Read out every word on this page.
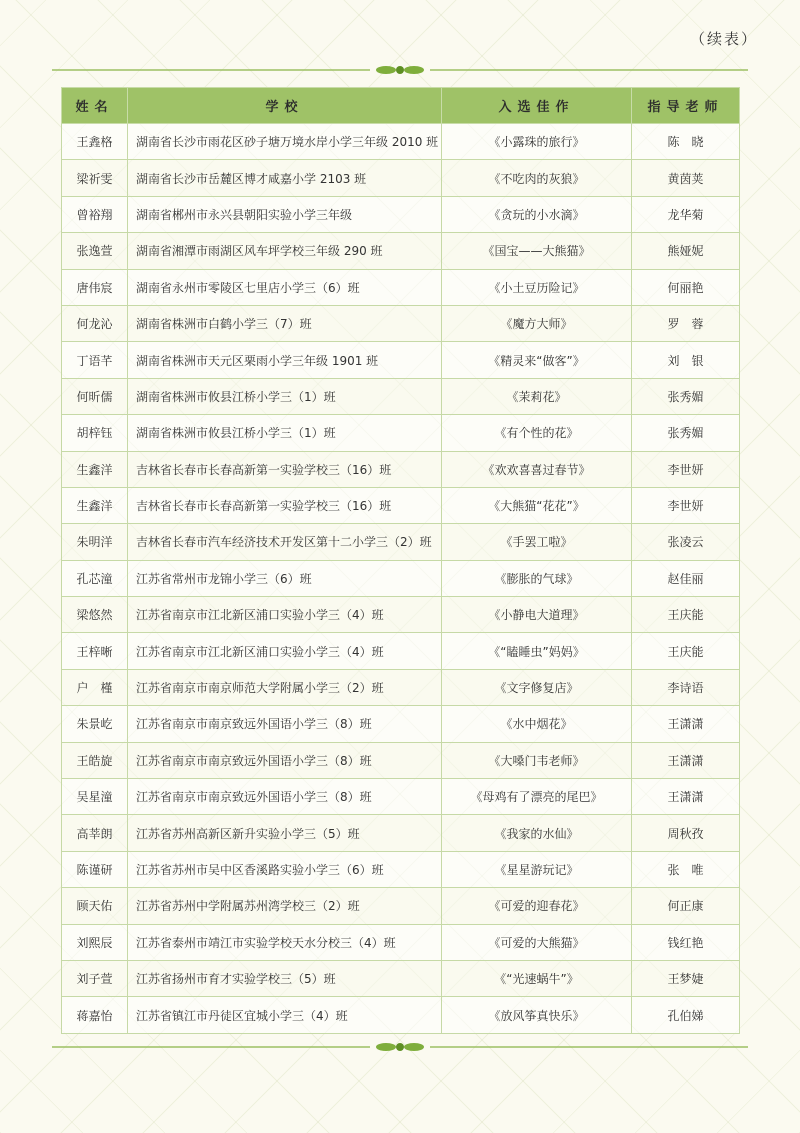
（续表）
姓名	学校	入选佳作	指导老师
王錱格	湖南省长沙市雨花区砂子塘万境水岸小学三年级 2010 班	《小露珠的旅行》	陈　晓
梁祈雯	湖南省长沙市岳麓区博才咸嘉小学 2103 班	《不吃肉的灰狼》	黄茵荚
曾裕翔	湖南省郴州市永兴县朝阳实验小学三年级	《贪玩的小水滴》	龙华菊
张逸萱	湖南省湘潭市雨湖区风车坪学校三年级 290 班	《国宝——大熊猫》	熊娅妮
唐伟宸	湖南省永州市零陵区七里店小学三（6）班	《小土豆历险记》	何丽艳
何龙沁	湖南省株洲市白鹤小学三（7）班	《魔方大师》	罗　蓉
丁语芊	湖南省株洲市天元区栗雨小学三年级 1901 班	《精灵来“做客”》	刘　银
何昕儒	湖南省株洲市攸县江桥小学三（1）班	《茉莉花》	张秀媚
胡梓钰	湖南省株洲市攸县江桥小学三（1）班	《有个性的花》	张秀媚
生鑫洋	吉林省长春市长春高新第一实验学校三（16）班	《欢欢喜喜过春节》	李世妍
生鑫洋	吉林省长春市长春高新第一实验学校三（16）班	《大熊猫“花花”》	李世妍
朱明洋	吉林省长春市汽车经济技术开发区第十二小学三（2）班	《手罢工啦》	张凌云
孔芯潼	江苏省常州市龙锦小学三（6）班	《膨胀的气球》	赵佳丽
梁悠然	江苏省南京市江北新区浦口实验小学三（4）班	《小静电大道理》	王庆能
王梓晰	江苏省南京市江北新区浦口实验小学三（4）班	《“瞌睡虫”妈妈》	王庆能
户　槿	江苏省南京市南京师范大学附属小学三（2）班	《文字修复店》	李诗语
朱景屹	江苏省南京市南京致远外国语小学三（8）班	《水中烟花》	王潇潇
王皓旋	江苏省南京市南京致远外国语小学三（8）班	《大嗓门韦老师》	王潇潇
吴星潼	江苏省南京市南京致远外国语小学三（8）班	《母鸡有了漂亮的尾巴》	王潇潇
高莘朗	江苏省苏州高新区新升实验小学三（5）班	《我家的水仙》	周秋孜
陈谨研	江苏省苏州市吴中区香溪路实验小学三（6）班	《星星游玩记》	张　唯
顾天佑	江苏省苏州中学附属苏州湾学校三（2）班	《可爱的迎春花》	何正康
刘熙辰	江苏省泰州市靖江市实验学校天水分校三（4）班	《可爱的大熊猫》	钱红艳
刘子萱	江苏省扬州市育才实验学校三（5）班	《“光速蜗牛”》	王梦婕
蒋嘉怡	江苏省镇江市丹徒区宜城小学三（4）班	《放风筝真快乐》	孔伯娣
